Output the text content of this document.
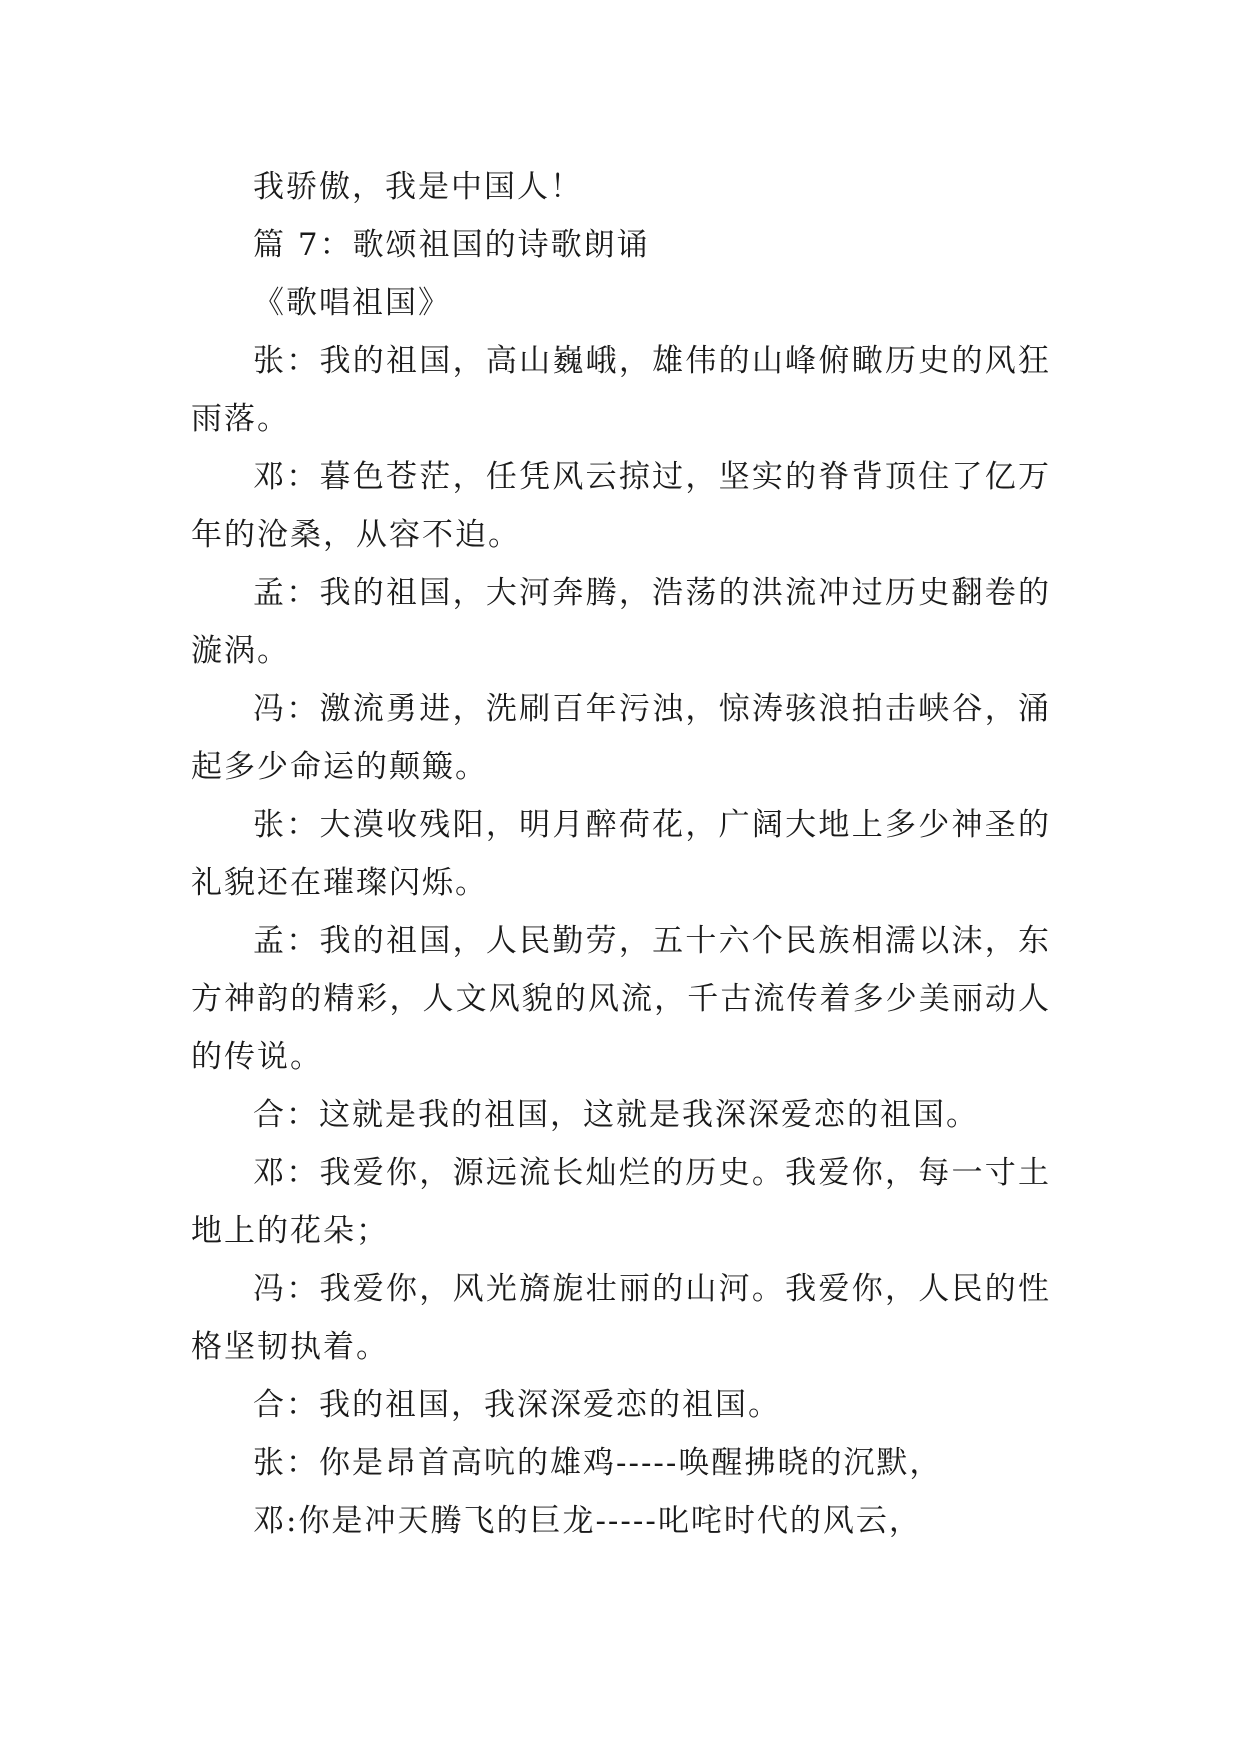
我骄傲，我是中国人！

篇 7：歌颂祖国的诗歌朗诵

《歌唱祖国》

张：我的祖国，高山巍峨，雄伟的山峰俯瞰历史的风狂雨落。

邓：暮色苍茫，任凭风云掠过，坚实的脊背顶住了亿万年的沧桑，从容不迫。

孟：我的祖国，大河奔腾，浩荡的洪流冲过历史翻卷的漩涡。

冯：激流勇进，洗刷百年污浊，惊涛骇浪拍击峡谷，涌起多少命运的颠簸。

张：大漠收残阳，明月醉荷花，广阔大地上多少神圣的礼貌还在璀璨闪烁。

孟：我的祖国，人民勤劳，五十六个民族相濡以沫，东方神韵的精彩，人文风貌的风流，千古流传着多少美丽动人的传说。

合：这就是我的祖国，这就是我深深爱恋的祖国。

邓：我爱你，源远流长灿烂的历史。我爱你，每一寸土地上的花朵；

冯：我爱你，风光旖旎壮丽的山河。我爱你，人民的性格坚韧执着。

合：我的祖国，我深深爱恋的祖国。

张：你是昂首高吭的雄鸡-----唤醒拂晓的沉默，

邓:你是冲天腾飞的巨龙-----叱咤时代的风云，
